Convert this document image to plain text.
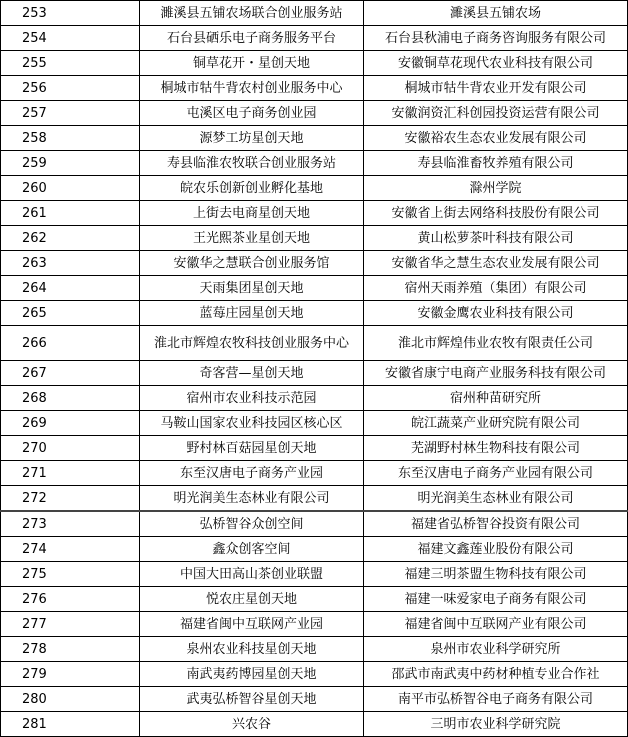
253	濉溪县五铺农场联合创业服务站	濉溪县五铺农场
254	石台县硒乐电子商务服务平台	石台县秋浦电子商务咨询服务有限公司
255	铜草花开・星创天地	安徽铜草花现代农业科技有限公司
256	桐城市牯牛背农村创业服务中心	桐城市牯牛背农业开发有限公司
257	屯溪区电子商务创业园	安徽润资汇科创园投资运营有限公司
258	源梦工坊星创天地	安徽裕农生态农业发展有限公司
259	寿县临淮农牧联合创业服务站	寿县临淮畜牧养殖有限公司
260	皖农乐创新创业孵化基地	滁州学院
261	上街去电商星创天地	安徽省上街去网络科技股份有限公司
262	王光熙茶业星创天地	黄山松萝茶叶科技有限公司
263	安徽华之慧联合创业服务馆	安徽省华之慧生态农业发展有限公司
264	天雨集团星创天地	宿州天雨养殖（集团）有限公司
265	蓝莓庄园星创天地	安徽金鹰农业科技有限公司
266	淮北市辉煌农牧科技创业服务中心	淮北市辉煌伟业农牧有限责任公司
267	奇客营—星创天地	安徽省康宁电商产业服务科技有限公司
268	宿州市农业科技示范园	宿州种苗研究所
269	马鞍山国家农业科技园区核心区	皖江蔬菜产业研究院有限公司
270	野村林百菇园星创天地	芜湖野村林生物科技有限公司
271	东至汉唐电子商务产业园	东至汉唐电子商务产业园有限公司
272	明光润美生态林业有限公司	明光润美生态林业有限公司
273	弘桥智谷众创空间	福建省弘桥智谷投资有限公司
274	鑫众创客空间	福建文鑫莲业股份有限公司
275	中国大田高山茶创业联盟	福建三明茶盟生物科技有限公司
276	悦农庄星创天地	福建一味爱家电子商务有限公司
277	福建省闽中互联网产业园	福建省闽中互联网产业有限公司
278	泉州农业科技星创天地	泉州市农业科学研究所
279	南武夷药博园星创天地	邵武市南武夷中药材种植专业合作社
280	武夷弘桥智谷星创天地	南平市弘桥智谷电子商务有限公司
281	兴农谷	三明市农业科学研究院
